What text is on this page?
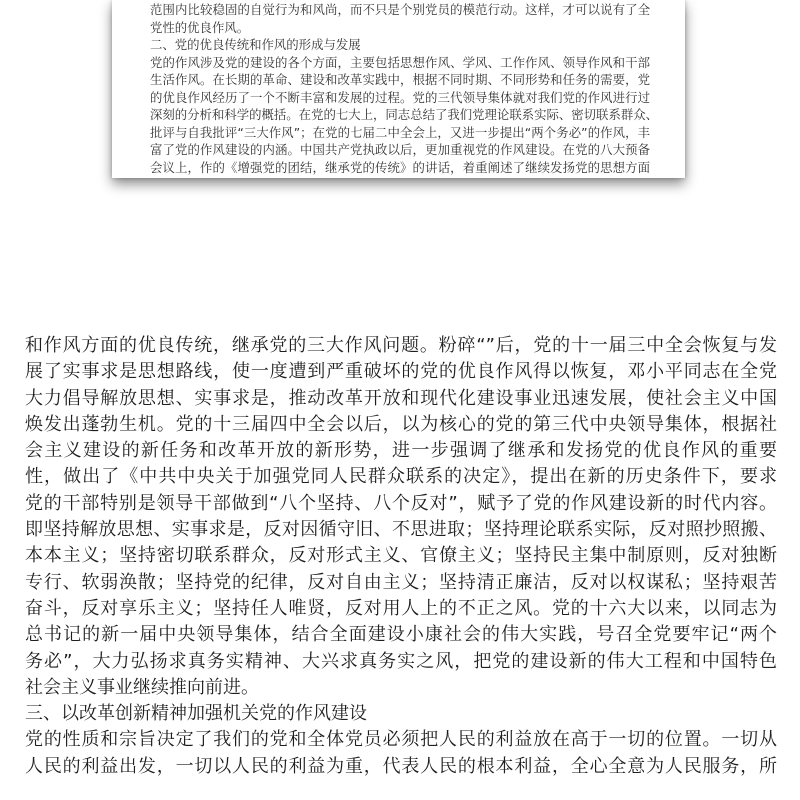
范围内比较稳固的自觉行为和风尚，而不只是个别党员的模范行动。这样，才可以说有了全
党性的优良作风。
二、党的优良传统和作风的形成与发展
党的作风涉及党的建设的各个方面，主要包括思想作风、学风、工作作风、领导作风和干部
生活作风。在长期的革命、建设和改革实践中，根据不同时期、不同形势和任务的需要，党
的优良作风经历了一个不断丰富和发展的过程。党的三代领导集体就对我们党的作风进行过
深刻的分析和科学的概括。在党的七大上，同志总结了我们党理论联系实际、密切联系群众、
批评与自我批评“三大作风”；在党的七届二中全会上，又进一步提出“两个务必”的作风，丰
富了党的作风建设的内涵。中国共产党执政以后，更加重视党的作风建设。在党的八大预备
会议上，作的《增强党的团结，继承党的传统》的讲话，着重阐述了继续发扬党的思想方面
和作风方面的优良传统，继承党的三大作风问题。粉碎“”后，党的十一届三中全会恢复与发
展了实事求是思想路线，使一度遭到严重破坏的党的优良作风得以恢复，邓小平同志在全党
大力倡导解放思想、实事求是，推动改革开放和现代化建设事业迅速发展，使社会主义中国
焕发出蓬勃生机。党的十三届四中全会以后，以为核心的党的第三代中央领导集体，根据社
会主义建设的新任务和改革开放的新形势，进一步强调了继承和发扬党的优良作风的重要
性，做出了《中共中央关于加强党同人民群众联系的决定》，提出在新的历史条件下，要求
党的干部特别是领导干部做到“八个坚持、八个反对”，赋予了党的作风建设新的时代内容。
即坚持解放思想、实事求是，反对因循守旧、不思进取；坚持理论联系实际，反对照抄照搬、
本本主义；坚持密切联系群众，反对形式主义、官僚主义；坚持民主集中制原则，反对独断
专行、软弱涣散；坚持党的纪律，反对自由主义；坚持清正廉洁，反对以权谋私；坚持艰苦
奋斗，反对享乐主义；坚持任人唯贤，反对用人上的不正之风。党的十六大以来，以同志为
总书记的新一届中央领导集体，结合全面建设小康社会的伟大实践，号召全党要牢记“两个
务必”，大力弘扬求真务实精神、大兴求真务实之风，把党的建设新的伟大工程和中国特色
社会主义事业继续推向前进。
三、以改革创新精神加强机关党的作风建设
党的性质和宗旨决定了我们的党和全体党员必须把人民的利益放在高于一切的位置。一切从
人民的利益出发，一切以人民的利益为重，代表人民的根本利益，全心全意为人民服务，所
